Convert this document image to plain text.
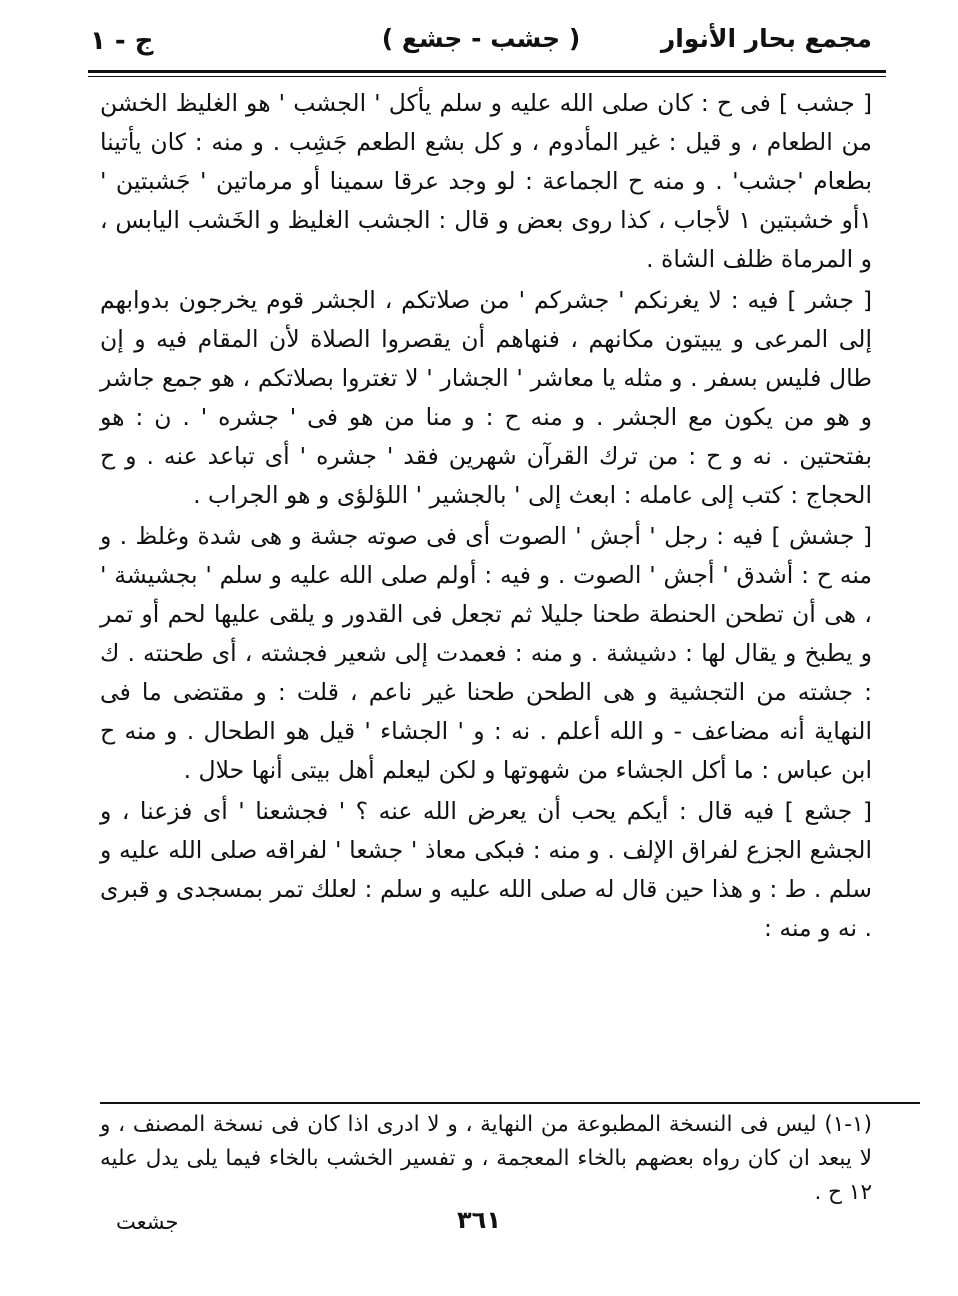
ج - ١	( جشب - جشع )	مجمع بحار الأنوار

[ جشب ] فى ح : كان صلى الله عليه و سلم يأكل ' الجشب ' هو الغليظ الخشن من الطعام ، و قيل : غير المأدوم ، و كل بشع الطعم جَشِب . و منه : كان يأتينا بطعام 'جشب' . و منه ح الجماعة : لو وجد عرقا سمينا أو مرماتين ' جَشبتين ' ١أو خشبتين ١ لأجاب ، كذا روى بعض و قال : الجشب الغليظ و الخَشب اليابس ، و المرماة ظلف الشاة .

[ جشر ] فيه : لا يغرنكم ' جشركم ' من صلاتكم ، الجشر قوم يخرجون بدوابهم إلى المرعى و يبيتون مكانهم ، فنهاهم أن يقصروا الصلاة لأن المقام فيه و إن طال فليس بسفر . و مثله يا معاشر ' الجشار ' لا تغتروا بصلاتكم ، هو جمع جاشر و هو من يكون مع الجشر . و منه ح : و منا من هو فى ' جشره ' . ن : هو بفتحتين . نه و ح : من ترك القرآن شهرين فقد ' جشره ' أى تباعد عنه . و ح الحجاج : كتب إلى عامله : ابعث إلى ' بالجشير ' اللؤلؤى و هو الجراب .

[ جشش ] فيه : رجل ' أجش ' الصوت أى فى صوته جشة و هى شدة وغلظ . و منه ح : أشدق ' أجش ' الصوت . و فيه : أولم صلى الله عليه و سلم ' بجشيشة ' ، هى أن تطحن الحنطة طحنا جليلا ثم تجعل فى القدور و يلقى عليها لحم أو تمر و يطبخ و يقال لها : دشيشة . و منه : فعمدت إلى شعير فجشته ، أى طحنته . ك : جشته من التجشية و هى الطحن طحنا غير ناعم ، قلت : و مقتضى ما فى النهاية أنه مضاعف - و الله أعلم . نه : و ' الجشاء ' قيل هو الطحال . و منه ح ابن عباس : ما أكل الجشاء من شهوتها و لكن ليعلم أهل بيتى أنها حلال .

[ جشع ] فيه قال : أيكم يحب أن يعرض الله عنه ؟ ' فجشعنا ' أى فزعنا ، و الجشع الجزع لفراق الإلف . و منه : فبكى معاذ ' جشعا ' لفراقه صلى الله عليه و سلم . ط : و هذا حين قال له صلى الله عليه و سلم : لعلك تمر بمسجدى و قبرى . نه و منه :

(١-١) ليس فى النسخة المطبوعة من النهاية ، و لا ادرى اذا كان فى نسخة المصنف ، و لا يبعد ان كان رواه بعضهم بالخاء المعجمة ، و تفسير الخشب بالخاء فيما يلى يدل عليه ١٢ ح .

٣٦١
جشعت
